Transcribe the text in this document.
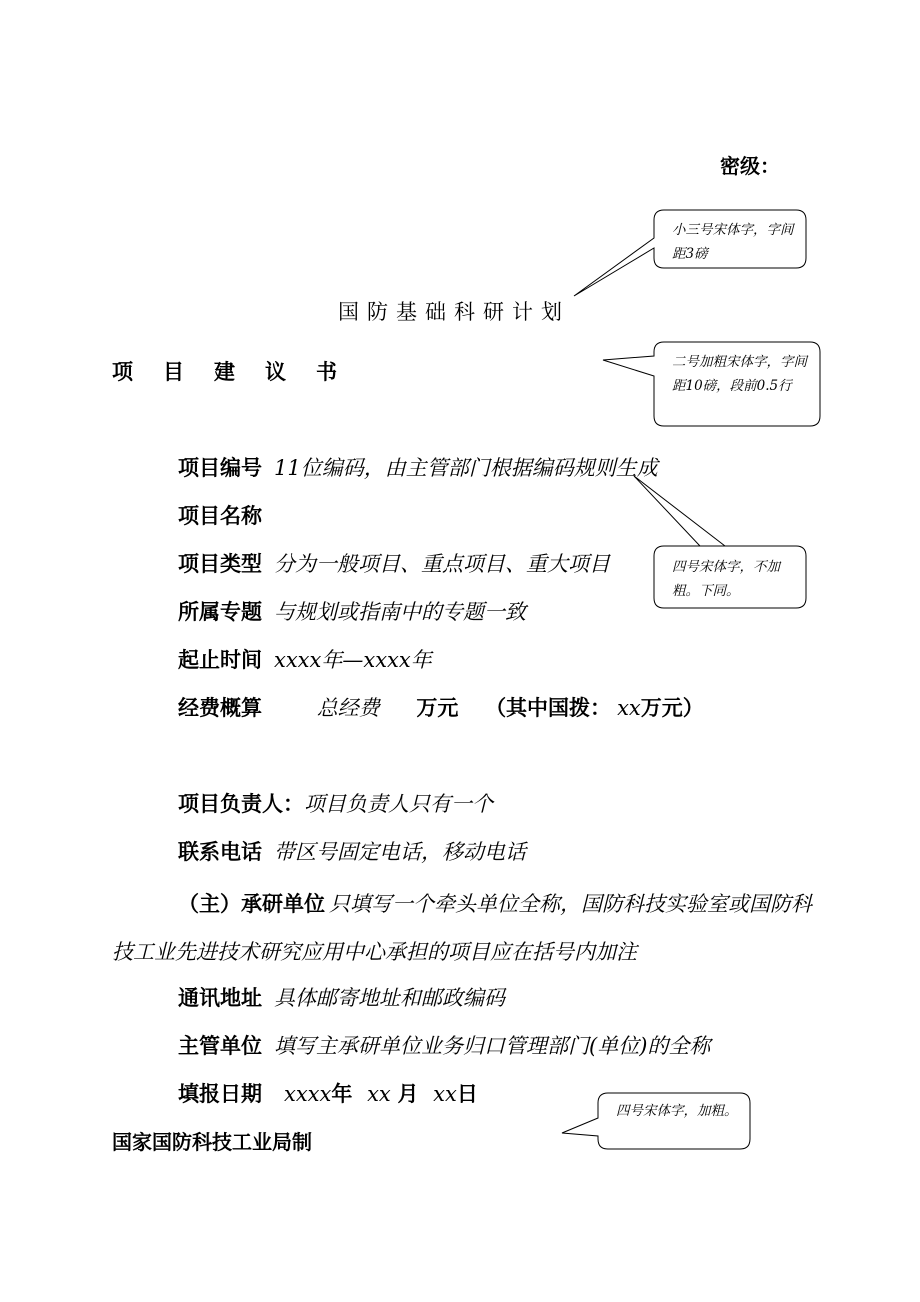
密级：
国防基础科研计划
项目建议书
项目编号 11位编码，由主管部门根据编码规则生成
项目名称
项目类型 分为一般项目、重点项目、重大项目
所属专题 与规划或指南中的专题一致
起止时间 xxxx年—xxxx年
经费概算	总经费 万元 （其中国拨： xx万元）
项目负责人：项目负责人只有一个
联系电话 带区号固定电话，移动电话
（主）承研单位 只填写一个牵头单位全称，国防科技实验室或国防科技工业先进技术研究应用中心承担的项目应在括号内加注
通讯地址 具体邮寄地址和邮政编码
主管单位 填写主承研单位业务归口管理部门(单位)的全称
填报日期 xxxx年 xx 月 xx日
国家国防科技工业局制
小三号宋体字，字间距3磅
二号加粗宋体字，字间距10磅，段前0.5行
四号宋体字，不加粗。下同。
四号宋体字，加粗。
